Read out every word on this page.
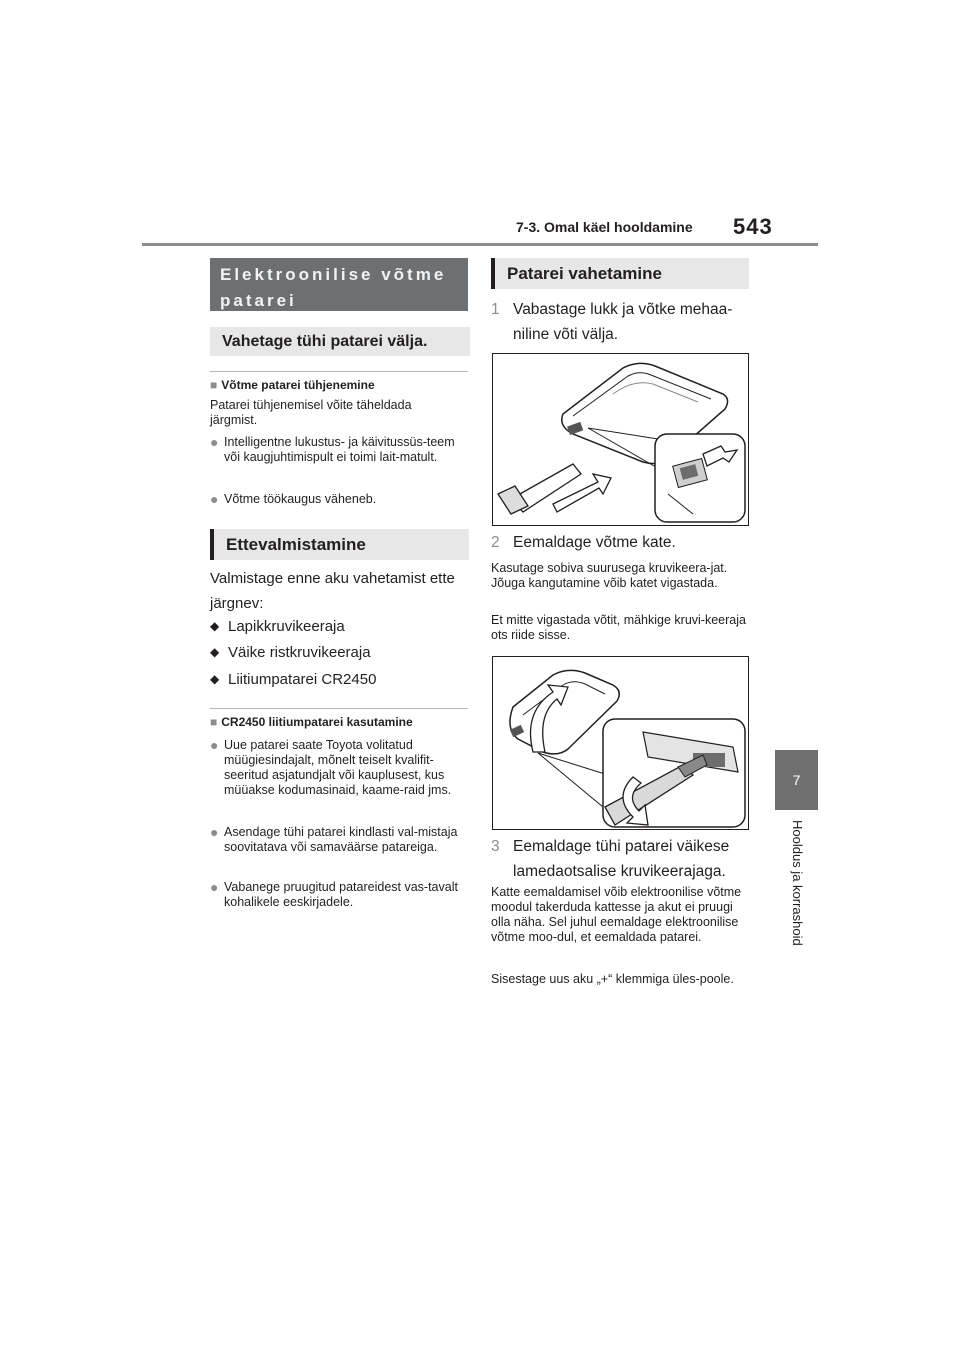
7-3. Omal käel hooldamine 543
7
Hooldus ja korrashoid
Elektroonilise võtme patarei
Vahetage tühi patarei välja.
■ Võtme patarei tühjenemine
Patarei tühjenemisel võite täheldada järgmist.
● Intelligentne lukustus- ja käivitussüs-teem või kaugjuhtimispult ei toimi lait-matult.
● Võtme töökaugus väheneb.
Ettevalmistamine
Valmistage enne aku vahetamist ette järgnev:
◆ Lapikkruvikeeraja
◆ Väike ristkruvikeeraja
◆ Liitiumpatarei CR2450
■ CR2450 liitiumpatarei kasutamine
● Uue patarei saate Toyota volitatud müügiesindajalt, mõnelt teiselt kvalifit-seeritud asjatundjalt või kauplusest, kus müüakse kodumasinaid, kaame-raid jms.
● Asendage tühi patarei kindlasti val-mistaja soovitatava või samaväärse patareiga.
● Vabanege pruugitud patareidest vas-tavalt kohalikele eeskirjadele.
Patarei vahetamine
1 Vabastage lukk ja võtke mehaa-niline võti välja.
2 Eemaldage võtme kate.
Kasutage sobiva suurusega kruvikeera-jat. Jõuga kangutamine võib katet vigastada.
Et mitte vigastada võtit, mähkige kruvi-keeraja ots riide sisse.
3 Eemaldage tühi patarei väikese lamedaotsalise kruvikeerajaga.
Katte eemaldamisel võib elektroonilise võtme moodul takerduda kattesse ja akut ei pruugi olla näha. Sel juhul eemaldage elektroonilise võtme moo-dul, et eemaldada patarei.
Sisestage uus aku „+“ klemmiga üles-poole.
